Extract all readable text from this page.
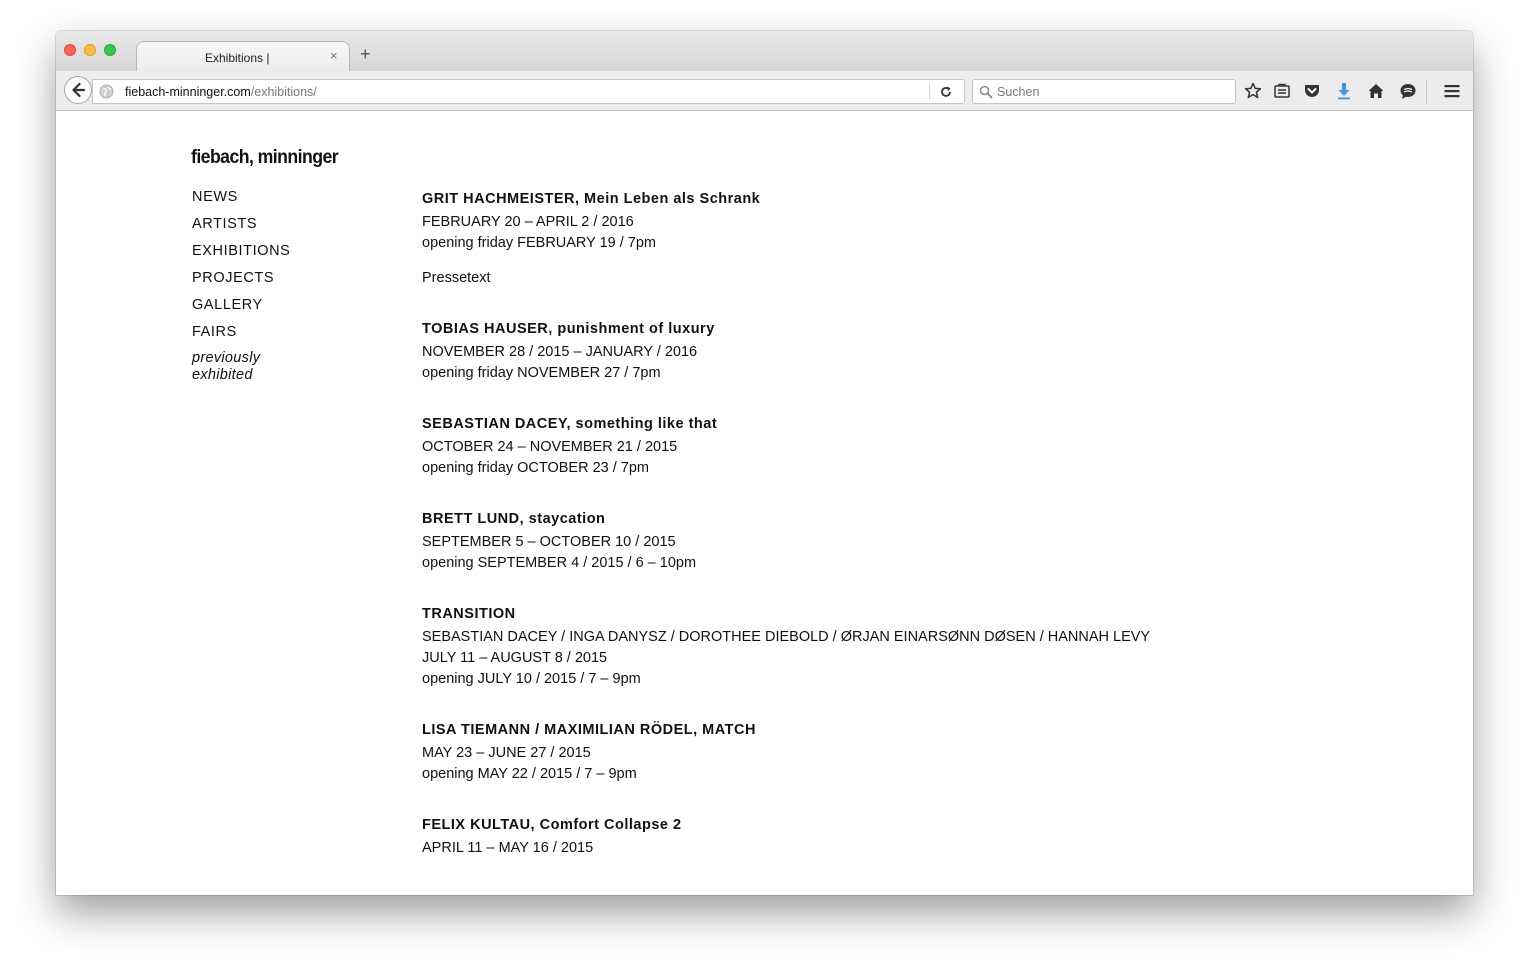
Exhibitions |	× +
fiebach-minninger.com/exhibitions/
Suchen
fiebach, minninger
NEWS
ARTISTS
EXHIBITIONS
PROJECTS
GALLERY
FAIRS
previously exhibited
GRIT HACHMEISTER, Mein Leben als Schrank
FEBRUARY 20 – APRIL 2 / 2016
opening friday FEBRUARY 19 / 7pm
Pressetext
TOBIAS HAUSER, punishment of luxury
NOVEMBER 28 / 2015 – JANUARY / 2016
opening friday NOVEMBER 27 / 7pm
SEBASTIAN DACEY, something like that
OCTOBER 24 – NOVEMBER 21 / 2015
opening friday OCTOBER 23 / 7pm
BRETT LUND, staycation
SEPTEMBER 5 – OCTOBER 10 / 2015
opening SEPTEMBER 4 / 2015 / 6 – 10pm
TRANSITION
SEBASTIAN DACEY / INGA DANYSZ / DOROTHEE DIEBOLD / ØRJAN EINARSØNN DØSEN / HANNAH LEVY
JULY 11 – AUGUST 8 / 2015
opening JULY 10 / 2015 / 7 – 9pm
LISA TIEMANN / MAXIMILIAN RÖDEL, MATCH
MAY 23 – JUNE 27 / 2015
opening MAY 22 / 2015 / 7 – 9pm
FELIX KULTAU, Comfort Collapse 2
APRIL 11 – MAY 16 / 2015
